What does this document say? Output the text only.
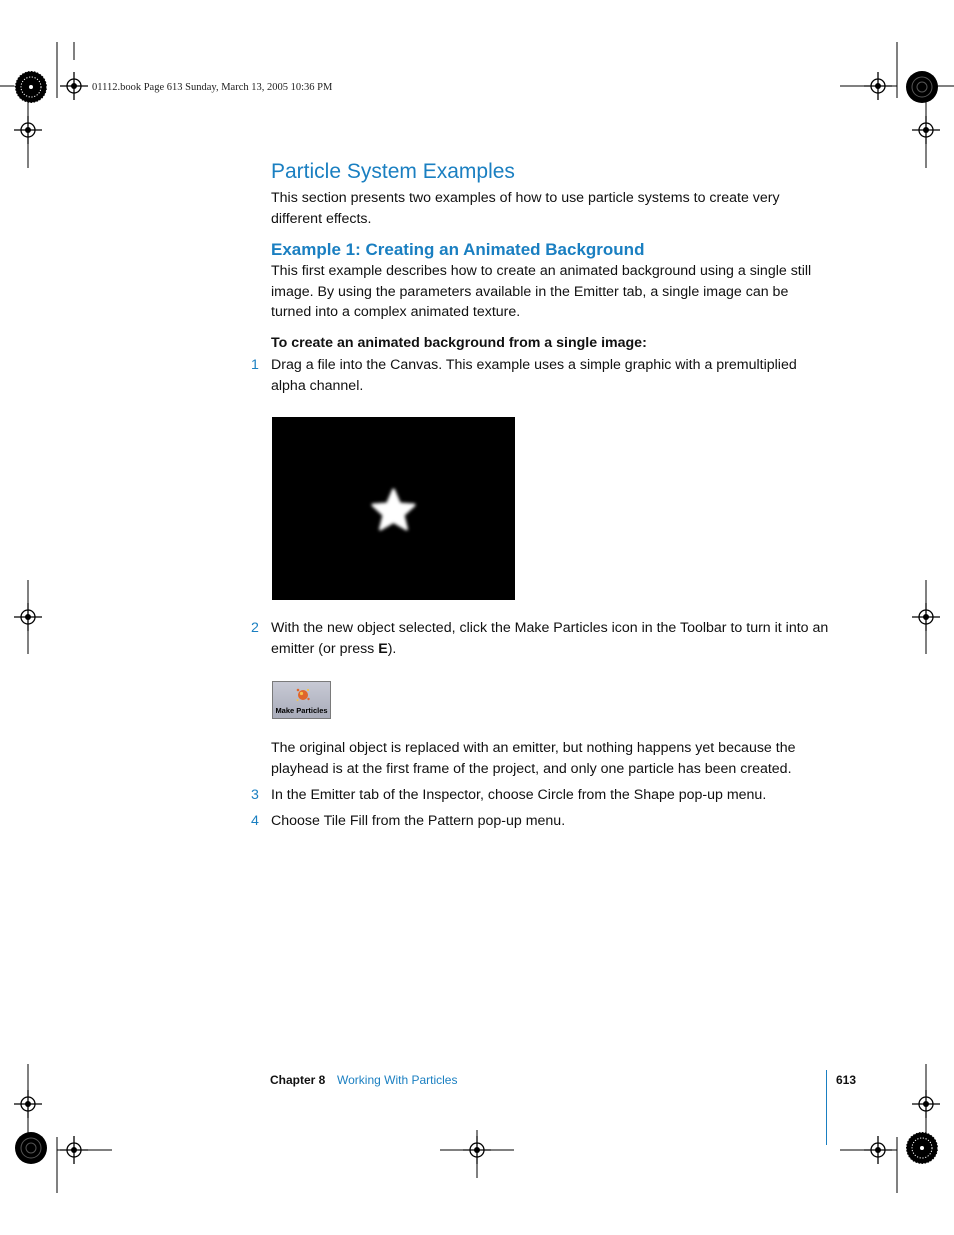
01112.book Page 613 Sunday, March 13, 2005 10:36 PM
Particle System Examples

This section presents two examples of how to use particle systems to create very different effects.

Example 1: Creating an Animated Background

This first example describes how to create an animated background using a single still image. By using the parameters available in the Emitter tab, a single image can be turned into a complex animated texture.

To create an animated background from a single image:
1 Drag a file into the Canvas. This example uses a simple graphic with a premultiplied alpha channel.

2 With the new object selected, click the Make Particles icon in the Toolbar to turn it into an emitter (or press E).

Make Particles

The original object is replaced with an emitter, but nothing happens yet because the playhead is at the first frame of the project, and only one particle has been created.

3 In the Emitter tab of the Inspector, choose Circle from the Shape pop-up menu.

4 Choose Tile Fill from the Pattern pop-up menu.

Chapter 8 Working With Particles	613
